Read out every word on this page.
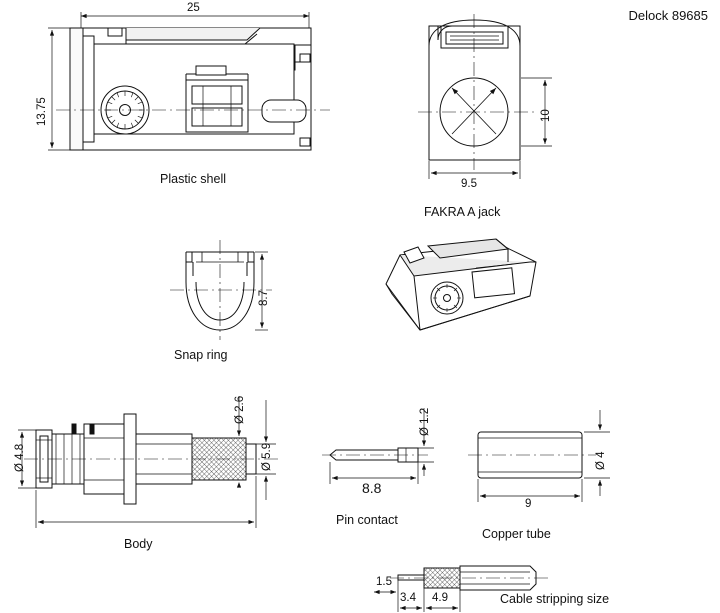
Delock 89685
25
13.75
Plastic shell	9.5
10
FAKRA A jack
8.7
Snap ring
Ø 4.8
Ø 2.6
Ø 5.9
Body
8.8
Ø 1.2
Pin contact
9
Ø 4
Copper tube
1.5
3.4 4.9	Cable stripping size
